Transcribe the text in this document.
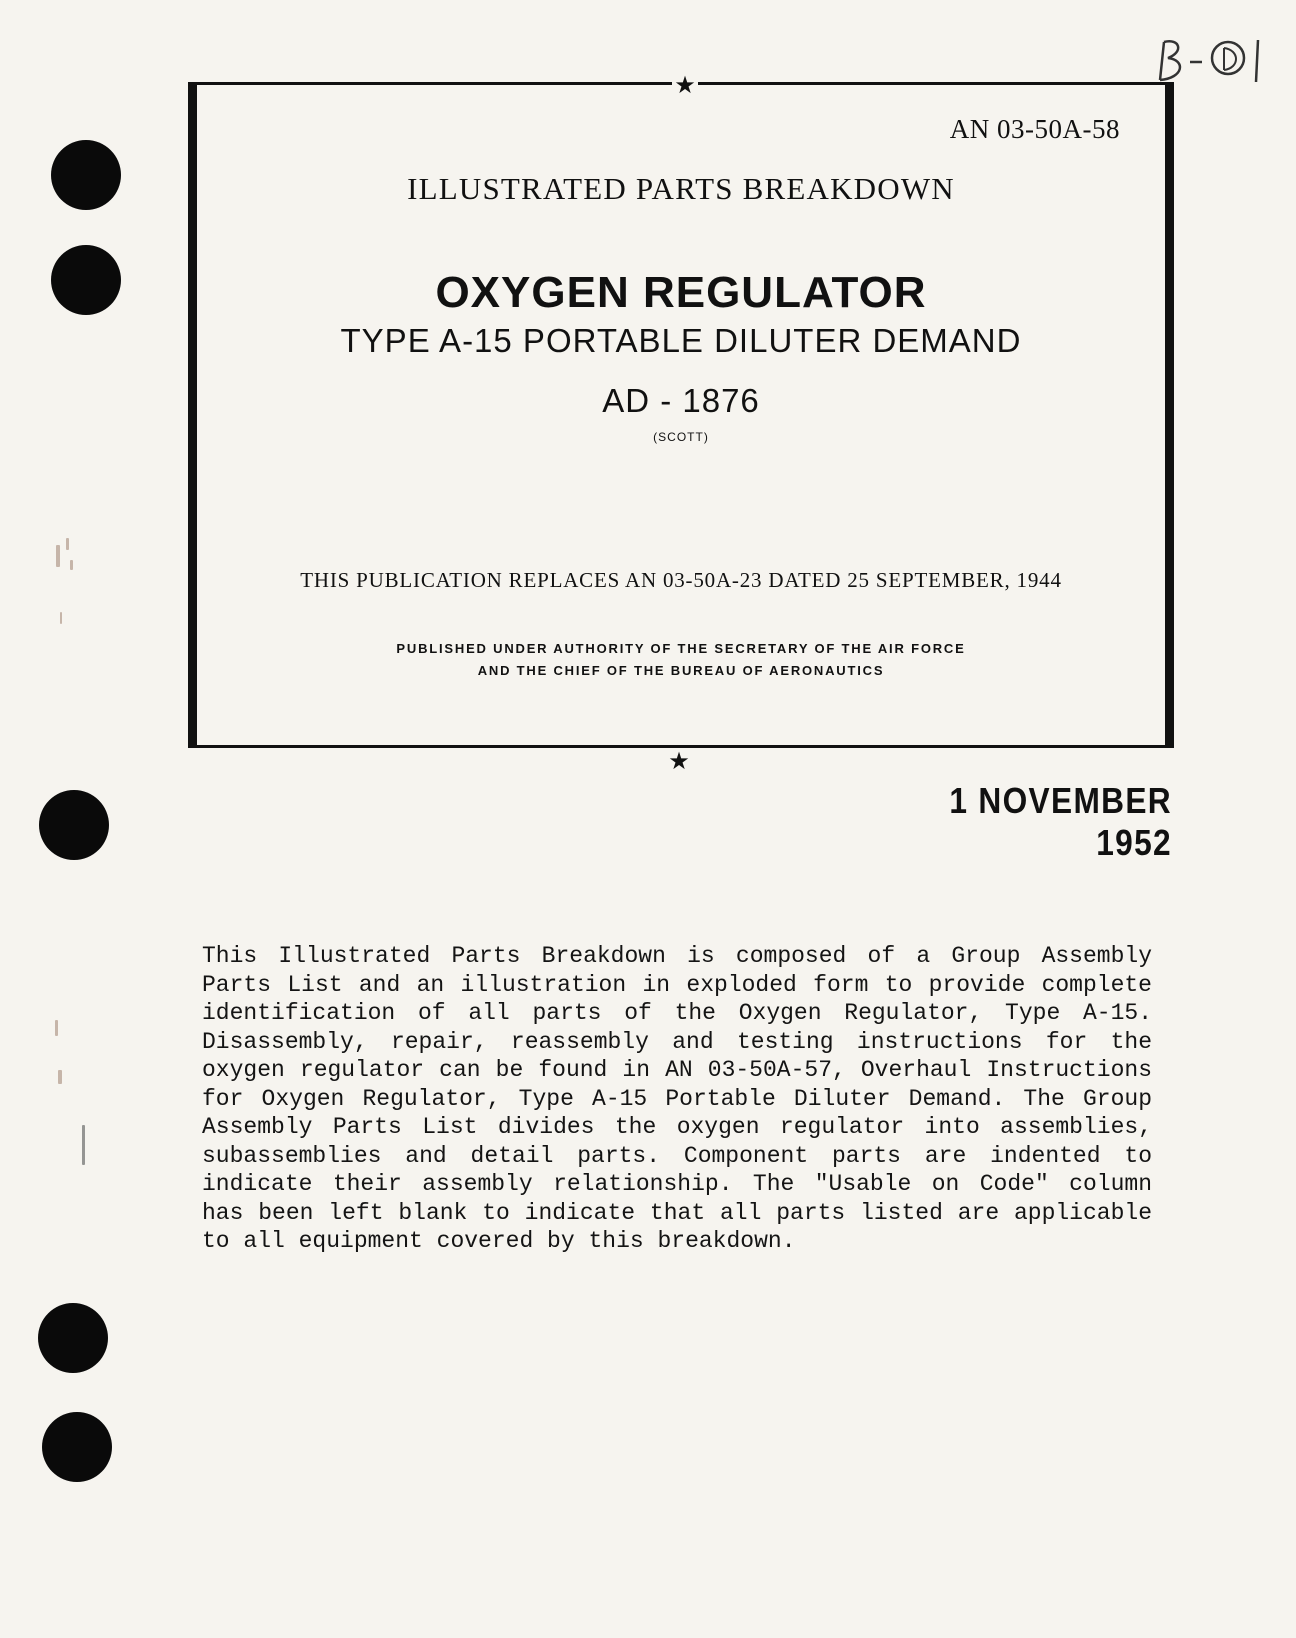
★
★
AN 03-50A-58
ILLUSTRATED PARTS BREAKDOWN
OXYGEN REGULATOR
TYPE A-15 PORTABLE DILUTER DEMAND
AD - 1876
(SCOTT)
THIS PUBLICATION REPLACES AN 03-50A-23 DATED 25 SEPTEMBER, 1944
PUBLISHED UNDER AUTHORITY OF THE SECRETARY OF THE AIR FORCE
AND THE CHIEF OF THE BUREAU OF AERONAUTICS
1 NOVEMBER 1952
This Illustrated Parts Breakdown is composed of a Group Assembly Parts List and an illustration in exploded form to provide complete identification of all parts of the Oxygen Regulator, Type A-15. Disassembly, repair, reassembly and testing instructions for the oxygen regulator can be found in AN 03-50A-57, Overhaul Instructions for Oxygen Regulator, Type A-15 Portable Diluter Demand. The Group Assembly Parts List divides the oxygen regulator into assemblies, subassemblies and detail parts. Component parts are indented to indicate their assembly relationship. The "Usable on Code" column has been left blank to indicate that all parts listed are applicable to all equipment covered by this breakdown.
